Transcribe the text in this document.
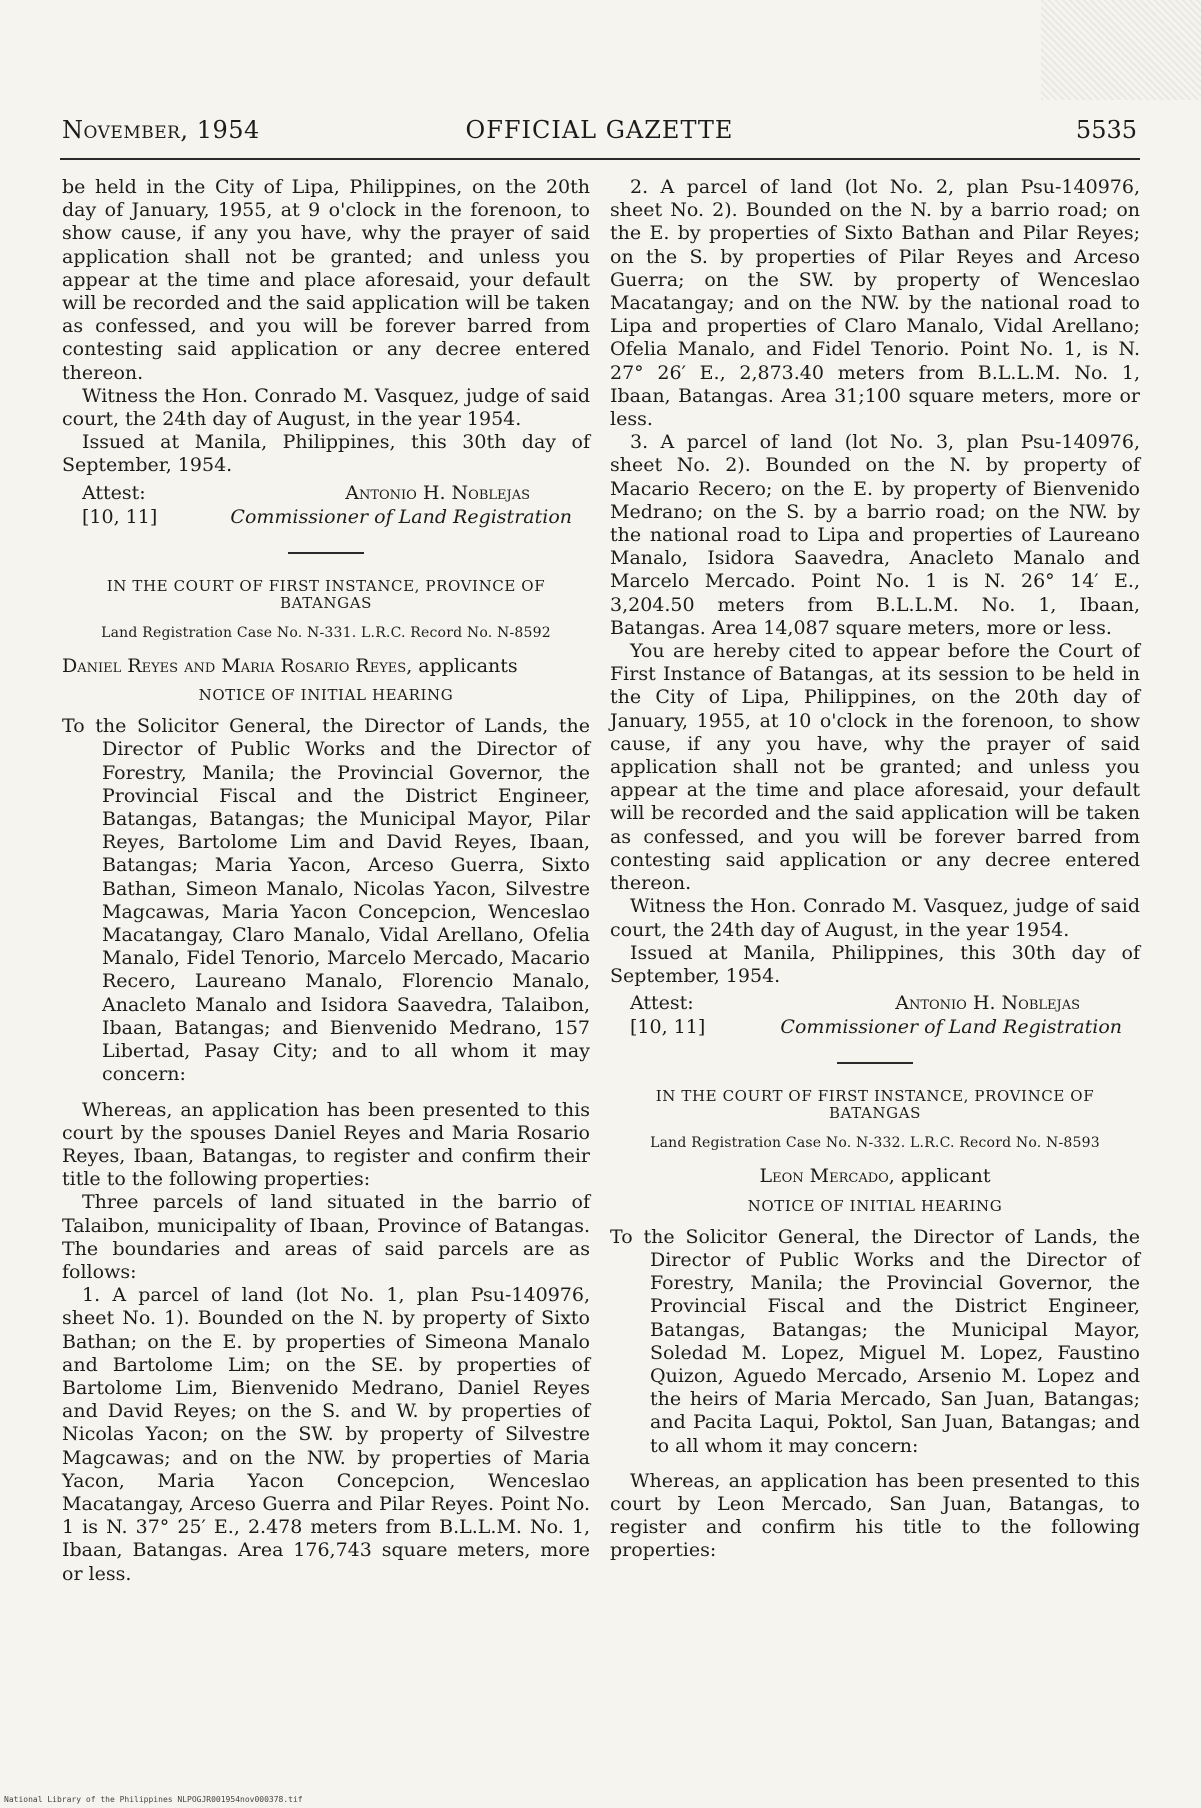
November, 1954	OFFICIAL GAZETTE	5535

be held in the City of Lipa, Philippines, on the 20th day of January, 1955, at 9 o'clock in the forenoon, to show cause, if any you have, why the prayer of said application shall not be granted; and unless you appear at the time and place aforesaid, your default will be recorded and the said application will be taken as confessed, and you will be forever barred from contesting said application or any decree entered thereon.

Witness the Hon. Conrado M. Vasquez, judge of said court, the 24th day of August, in the year 1954.

Issued at Manila, Philippines, this 30th day of September, 1954.

Attest:
[10, 11]
Antonio H. Noblejas
Commissioner of Land Registration
IN THE COURT OF FIRST INSTANCE, PROVINCE OF BATANGAS
Land Registration Case No. N-331. L.R.C. Record No. N-8592
Daniel Reyes and Maria Rosario Reyes, applicants
NOTICE OF INITIAL HEARING

To the Solicitor General, the Director of Lands, the Director of Public Works and the Director of Forestry, Manila; the Provincial Governor, the Provincial Fiscal and the District Engineer, Batangas, Batangas; the Municipal Mayor, Pilar Reyes, Bartolome Lim and David Reyes, Ibaan, Batangas; Maria Yacon, Arceso Guerra, Sixto Bathan, Simeon Manalo, Nicolas Yacon, Silvestre Magcawas, Maria Yacon Concepcion, Wenceslao Macatangay, Claro Manalo, Vidal Arellano, Ofelia Manalo, Fidel Tenorio, Marcelo Mercado, Macario Recero, Laureano Manalo, Florencio Manalo, Anacleto Manalo and Isidora Saavedra, Talaibon, Ibaan, Batangas; and Bienvenido Medrano, 157 Libertad, Pasay City; and to all whom it may concern:

Whereas, an application has been presented to this court by the spouses Daniel Reyes and Maria Rosario Reyes, Ibaan, Batangas, to register and confirm their title to the following properties:

Three parcels of land situated in the barrio of Talaibon, municipality of Ibaan, Province of Batangas. The boundaries and areas of said parcels are as follows:

1. A parcel of land (lot No. 1, plan Psu-140976, sheet No. 1). Bounded on the N. by property of Sixto Bathan; on the E. by properties of Simeona Manalo and Bartolome Lim; on the SE. by properties of Bartolome Lim, Bienvenido Medrano, Daniel Reyes and David Reyes; on the S. and W. by properties of Nicolas Yacon; on the SW. by property of Silvestre Magcawas; and on the NW. by properties of Maria Yacon, Maria Yacon Concepcion, Wenceslao Macatangay, Arceso Guerra and Pilar Reyes. Point No. 1 is N. 37° 25′ E., 2.478 meters from B.L.L.M. No. 1, Ibaan, Batangas. Area 176,743 square meters, more or less.

2. A parcel of land (lot No. 2, plan Psu-140976, sheet No. 2). Bounded on the N. by a barrio road; on the E. by properties of Sixto Bathan and Pilar Reyes; on the S. by properties of Pilar Reyes and Arceso Guerra; on the SW. by property of Wenceslao Macatangay; and on the NW. by the national road to Lipa and properties of Claro Manalo, Vidal Arellano; Ofelia Manalo, and Fidel Tenorio. Point No. 1, is N. 27° 26′ E., 2,873.40 meters from B.L.L.M. No. 1, Ibaan, Batangas. Area 31;100 square meters, more or less.

3. A parcel of land (lot No. 3, plan Psu-140976, sheet No. 2). Bounded on the N. by property of Macario Recero; on the E. by property of Bienvenido Medrano; on the S. by a barrio road; on the NW. by the national road to Lipa and properties of Laureano Manalo, Isidora Saavedra, Anacleto Manalo and Marcelo Mercado. Point No. 1 is N. 26° 14′ E., 3,204.50 meters from B.L.L.M. No. 1, Ibaan, Batangas. Area 14,087 square meters, more or less.

You are hereby cited to appear before the Court of First Instance of Batangas, at its session to be held in the City of Lipa, Philippines, on the 20th day of January, 1955, at 10 o'clock in the forenoon, to show cause, if any you have, why the prayer of said application shall not be granted; and unless you appear at the time and place aforesaid, your default will be recorded and the said application will be taken as confessed, and you will be forever barred from contesting said application or any decree entered thereon.

Witness the Hon. Conrado M. Vasquez, judge of said court, the 24th day of August, in the year 1954.

Issued at Manila, Philippines, this 30th day of September, 1954.

Attest:
[10, 11]
Antonio H. Noblejas
Commissioner of Land Registration
IN THE COURT OF FIRST INSTANCE, PROVINCE OF BATANGAS
Land Registration Case No. N-332. L.R.C. Record No. N-8593
Leon Mercado, applicant
NOTICE OF INITIAL HEARING

To the Solicitor General, the Director of Lands, the Director of Public Works and the Director of Forestry, Manila; the Provincial Governor, the Provincial Fiscal and the District Engineer, Batangas, Batangas; the Municipal Mayor, Soledad M. Lopez, Miguel M. Lopez, Faustino Quizon, Aguedo Mercado, Arsenio M. Lopez and the heirs of Maria Mercado, San Juan, Batangas; and Pacita Laqui, Poktol, San Juan, Batangas; and to all whom it may concern:

Whereas, an application has been presented to this court by Leon Mercado, San Juan, Batangas, to register and confirm his title to the following properties:

National Library of the Philippines NLPOGJR001954nov000378.tif
